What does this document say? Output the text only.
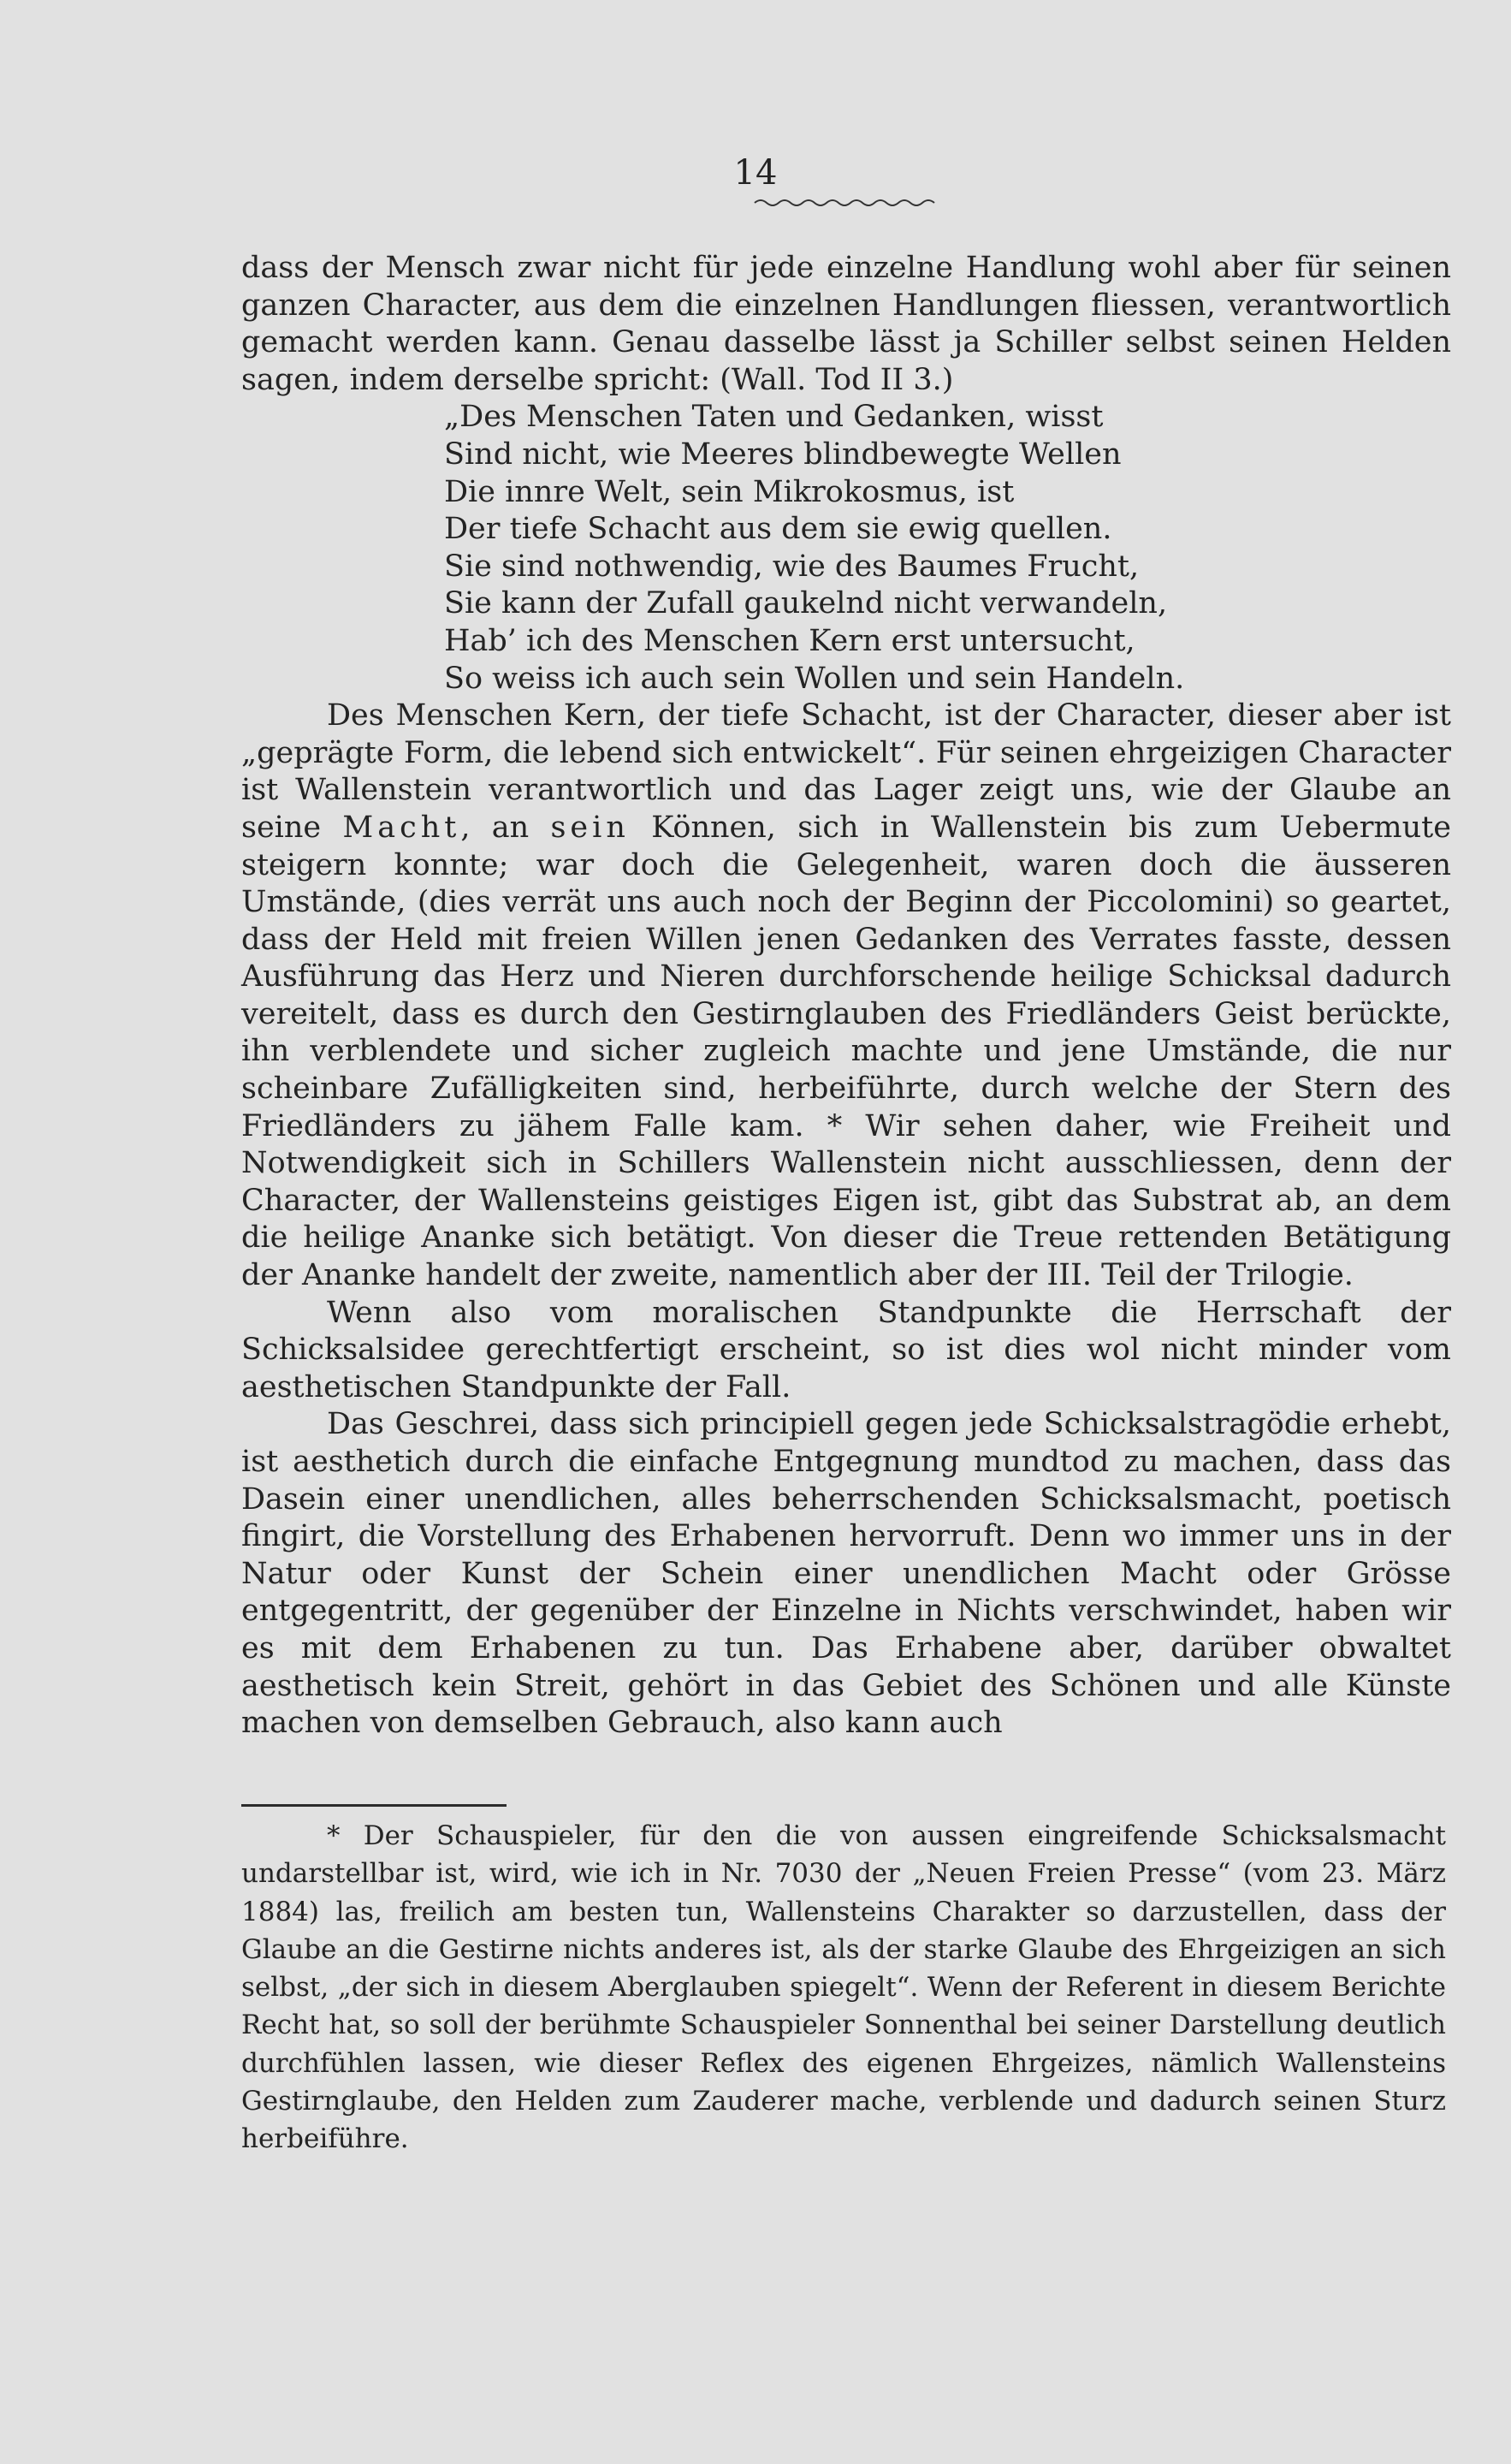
14

dass der Mensch zwar nicht für jede einzelne Handlung wohl aber für seinen ganzen Character, aus dem die einzelnen Handlungen fliessen, verantwortlich gemacht werden kann. Genau dasselbe lässt ja Schiller selbst seinen Helden sagen, indem derselbe spricht: (Wall. Tod II 3.)

„Des Menschen Taten und Gedanken, wisst
Sind nicht, wie Meeres blindbewegte Wellen
Die innre Welt, sein Mikrokosmus, ist
Der tiefe Schacht aus dem sie ewig quellen.
Sie sind nothwendig, wie des Baumes Frucht,
Sie kann der Zufall gaukelnd nicht verwandeln,
Hab’ ich des Menschen Kern erst untersucht,
So weiss ich auch sein Wollen und sein Handeln.

Des Menschen Kern, der tiefe Schacht, ist der Character, dieser aber ist „geprägte Form, die lebend sich entwickelt“. Für seinen ehrgeizigen Character ist Wallenstein verantwortlich und das Lager zeigt uns, wie der Glaube an seine Macht, an sein Können, sich in Wallenstein bis zum Uebermute steigern konnte; war doch die Gelegenheit, waren doch die äusseren Umstände, (dies verrät uns auch noch der Beginn der Piccolomini) so geartet, dass der Held mit freien Willen jenen Gedanken des Verrates fasste, dessen Ausführung das Herz und Nieren durchforschende heilige Schicksal dadurch vereitelt, dass es durch den Gestirnglauben des Friedländers Geist berückte, ihn verblendete und sicher zugleich machte und jene Umstände, die nur scheinbare Zufälligkeiten sind, herbeiführte, durch welche der Stern des Friedländers zu jähem Falle kam. * Wir sehen daher, wie Freiheit und Notwendigkeit sich in Schillers Wallenstein nicht ausschliessen, denn der Character, der Wallensteins geistiges Eigen ist, gibt das Substrat ab, an dem die heilige Ananke sich betätigt. Von dieser die Treue rettenden Betätigung der Ananke handelt der zweite, namentlich aber der III. Teil der Trilogie.

Wenn also vom moralischen Standpunkte die Herrschaft der Schicksalsidee gerechtfertigt erscheint, so ist dies wol nicht minder vom aesthetischen Standpunkte der Fall.

Das Geschrei, dass sich principiell gegen jede Schicksalstragödie erhebt, ist aesthetich durch die einfache Entgegnung mundtod zu machen, dass das Dasein einer unendlichen, alles beherrschenden Schicksalsmacht, poetisch fingirt, die Vorstellung des Erhabenen hervorruft. Denn wo immer uns in der Natur oder Kunst der Schein einer unendlichen Macht oder Grösse entgegentritt, der gegenüber der Einzelne in Nichts verschwindet, haben wir es mit dem Erhabenen zu tun. Das Erhabene aber, darüber obwaltet aesthetisch kein Streit, gehört in das Gebiet des Schönen und alle Künste machen von demselben Gebrauch, also kann auch

* Der Schauspieler, für den die von aussen eingreifende Schicksalsmacht undarstellbar ist, wird, wie ich in Nr. 7030 der „Neuen Freien Presse“ (vom 23. März 1884) las, freilich am besten tun, Wallensteins Charakter so darzustellen, dass der Glaube an die Gestirne nichts anderes ist, als der starke Glaube des Ehrgeizigen an sich selbst, „der sich in diesem Aberglauben spiegelt“. Wenn der Referent in diesem Berichte Recht hat, so soll der berühmte Schauspieler Sonnenthal bei seiner Darstellung deutlich durchfühlen lassen, wie dieser Reflex des eigenen Ehrgeizes, nämlich Wallensteins Gestirnglaube, den Helden zum Zauderer mache, verblende und dadurch seinen Sturz herbeiführe.
